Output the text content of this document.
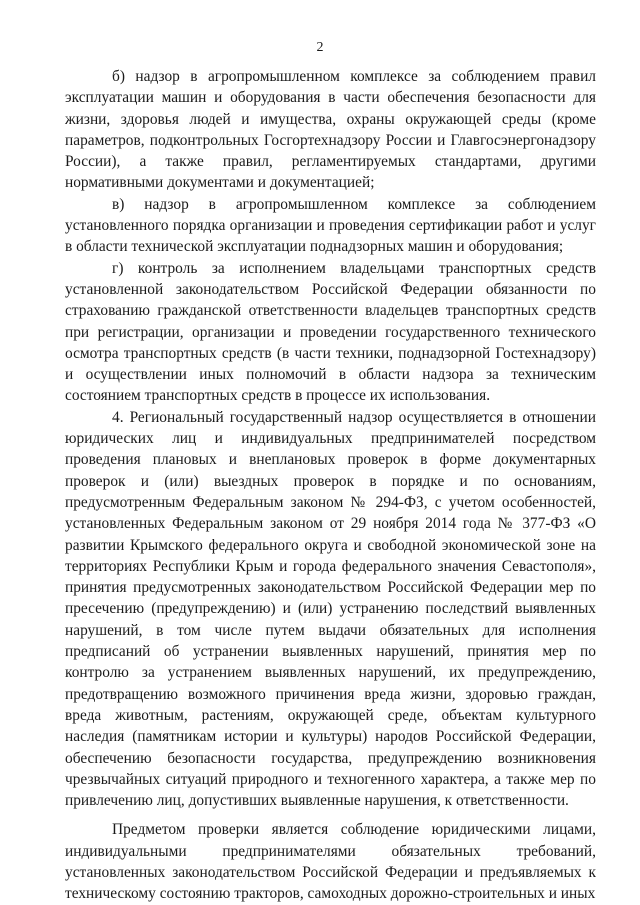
2

б) надзор в агропромышленном комплексе за соблюдением правил эксплуатации машин и оборудования в части обеспечения безопасности для жизни, здоровья людей и имущества, охраны окружающей среды (кроме параметров, подконтрольных Госгортехнадзору России и Главгосэнергонадзору России), а также правил, регламентируемых стандартами, другими нормативными документами и документацией;

в) надзор в агропромышленном комплексе за соблюдением установленного порядка организации и проведения сертификации работ и услуг в области технической эксплуатации поднадзорных машин и оборудования;

г) контроль за исполнением владельцами транспортных средств установленной законодательством Российской Федерации обязанности по страхованию гражданской ответственности владельцев транспортных средств при регистрации, организации и проведении государственного технического осмотра транспортных средств (в части техники, поднадзорной Гостехнадзору) и осуществлении иных полномочий в области надзора за техническим состоянием транспортных средств в процессе их использования.

4. Региональный государственный надзор осуществляется в отношении юридических лиц и индивидуальных предпринимателей посредством проведения плановых и внеплановых проверок в форме документарных проверок и (или) выездных проверок в порядке и по основаниям, предусмотренным Федеральным законом № 294-ФЗ, с учетом особенностей, установленных Федеральным законом от 29 ноября 2014 года № 377-ФЗ «О развитии Крымского федерального округа и свободной экономической зоне на территориях Республики Крым и города федерального значения Севастополя», принятия предусмотренных законодательством Российской Федерации мер по пресечению (предупреждению) и (или) устранению последствий выявленных нарушений, в том числе путем выдачи обязательных для исполнения предписаний об устранении выявленных нарушений, принятия мер по контролю за устранением выявленных нарушений, их предупреждению, предотвращению возможного причинения вреда жизни, здоровью граждан, вреда животным, растениям, окружающей среде, объектам культурного наследия (памятникам истории и культуры) народов Российской Федерации, обеспечению безопасности государства, предупреждению возникновения чрезвычайных ситуаций природного и техногенного характера, а также мер по привлечению лиц, допустивших выявленные нарушения, к ответственности.

Предметом проверки является соблюдение юридическими лицами, индивидуальными предпринимателями обязательных требований, установленных законодательством Российской Федерации и предъявляемых к техническому состоянию тракторов, самоходных дорожно-строительных и иных
